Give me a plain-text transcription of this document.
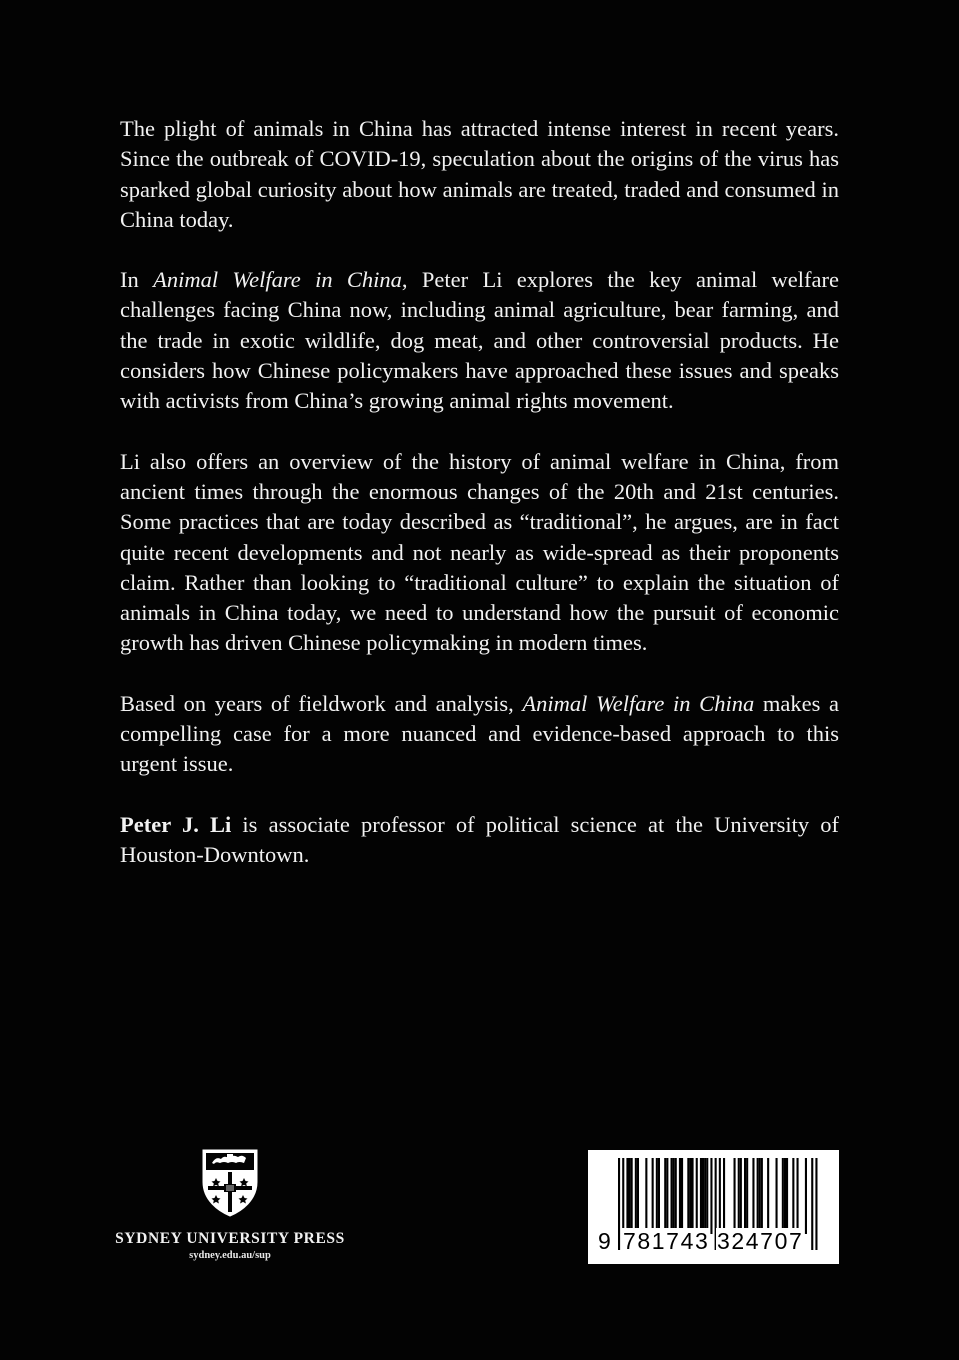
The plight of animals in China has attracted intense interest in recent years. Since the outbreak of COVID-19, speculation about the origins of the virus has sparked global curiosity about how animals are treated, traded and consumed in China today.

In Animal Welfare in China, Peter Li explores the key animal welfare challenges facing China now, including animal agriculture, bear farming, and the trade in exotic wildlife, dog meat, and other controversial products. He considers how Chinese policymakers have approached these issues and speaks with activists from China’s growing animal rights movement.

Li also offers an overview of the history of animal welfare in China, from ancient times through the enormous changes of the 20th and 21st centuries. Some practices that are today described as “traditional”, he argues, are in fact quite recent developments and not nearly as wide-spread as their proponents claim. Rather than looking to “traditional culture” to explain the situation of animals in China today, we need to understand how the pursuit of economic growth has driven Chinese policymaking in modern times.

Based on years of fieldwork and analysis, Animal Welfare in China makes a compelling case for a more nuanced and evidence-based approach to this urgent issue.

Peter J. Li is associate professor of political science at the University of Houston-Downtown.

SYDNEY UNIVERSITY PRESS
sydney.edu.au/sup
9 781743 324707
